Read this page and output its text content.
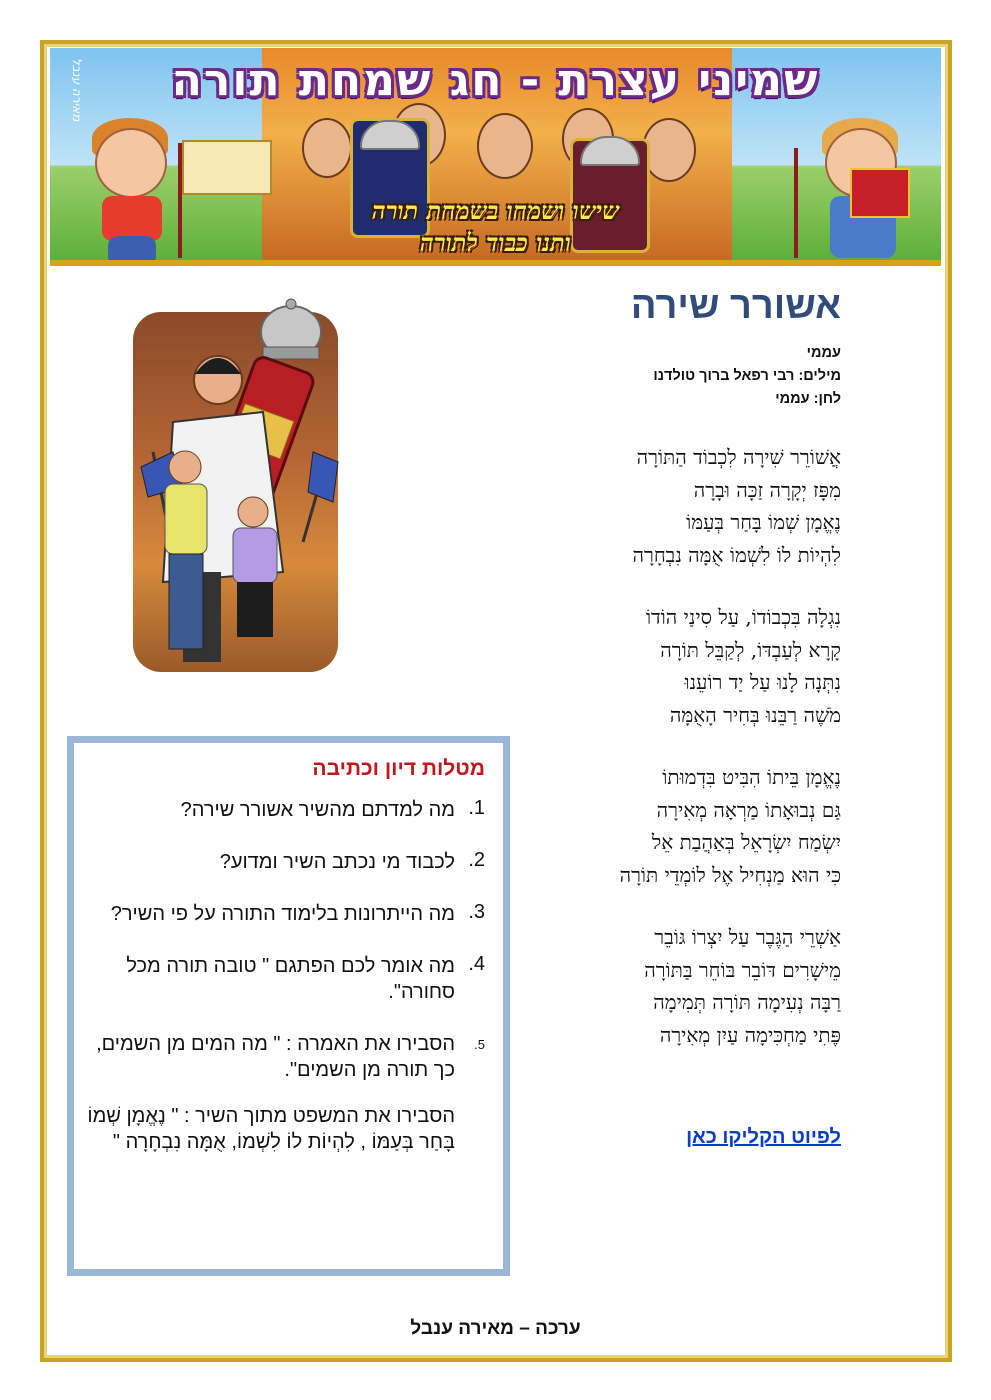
שמיני עצרת - חג שמחת תורה
שישו ושמחו בשמחת תורה
ותנו כבוד לתורה
מאירה ענבל
אשורר שירה
עממי
מילים: רבי רפאל ברוך טולדנו
לחן: עממי
אֲשׁוֹרֵר שִׁירָה לִכְבוֹד הַתּוֹרָה
מִפָּז יְקָרָה זַכָּה וּבָרָה
נֶאֱמָן שְׁמוֹ בָּחַר בְּעַמּוֹ
לִהְיוֹת לוֹ לִשְׁמוֹ אֻמָּה נִבְחָרָה
נִגְלָה בִּכְבוֹדוֹ, עַל סִינַי הוֹדוֹ
קָרָא לְעַבְדּוֹ, לְקַבֵּל תּוֹרָה
נִתְּנָה לָנוּ עַל יַד רוֹעֵנוּ
מֹשֶׁה רַבֵּנוּ בְּחִיר הָאֻמָּה
נֶאֱמָן בֵּיתוֹ הִבִּיט בִּדְמוּתוֹ
גַּם נְבוּאָתוֹ מַרְאָה מְאִירָה
יִשְׂמַח יִשְׂרָאֵל בְּאַהֲבַת אֵל
כִּי הוּא מַנְחִיל אֶל לוֹמְדֵי תּוֹרָה
אַשְׁרֵי הַגֶּבֶר עַל יִצְרוֹ גּוֹבֵר
מֵישָׁרִים דּוֹבֵר בּוֹחֵר בַּתּוֹרָה
רַבָּה נְעִימָה תּוֹרָה תְּמִימָה
פֶּתִי מַחְכִּימָה עַיִן מְאִירָה
לפיוט הקליקו כאן
מטלות דיון וכתיבה
1.
מה למדתם מהשיר אשורר שירה?
2.
לכבוד מי נכתב השיר ומדוע?
3.
מה הייתרונות בלימוד התורה על פי השיר?
4.
מה אומר לכם הפתגם " טובה תורה מכל סחורה".
5.
הסבירו את האמרה : " מה המים מן השמים, כך תורה מן השמים".
הסבירו את המשפט מתוך השיר : " נֶאֱמָן שְׁמוֹ בָּחַר בְּעַמּוֹ , לִהְיוֹת לוֹ לִשְׁמוֹ, אֻמָּה נִבְחָרָה "
ערכה – מאירה ענבל
